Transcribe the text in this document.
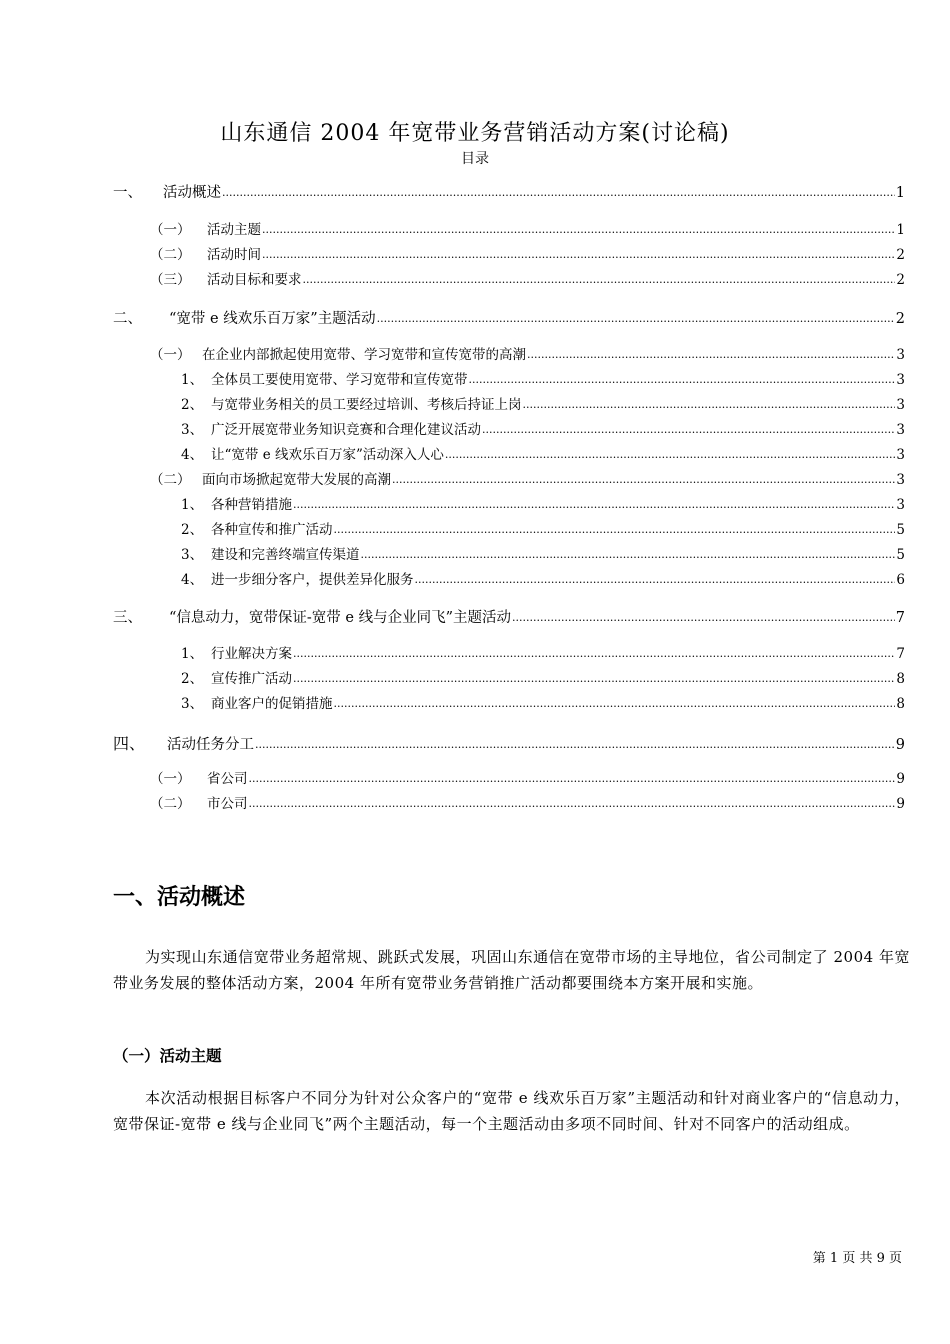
山东通信 2004 年宽带业务营销活动方案(讨论稿)
目录
一、	活动概述 .....	1
（一）	活动主题 .....	1
（二）	活动时间 .....	2
（三）	活动目标和要求 .....	2
二、	“宽带 e 线欢乐百万家”主题活动 .....	2
（一） 在企业内部掀起使用宽带、学习宽带和宣传宽带的高潮 .....	3
1、 全体员工要使用宽带、学习宽带和宣传宽带 .....	3
2、 与宽带业务相关的员工要经过培训、考核后持证上岗 .....	3
3、 广泛开展宽带业务知识竞赛和合理化建议活动 .....	3
4、 让“宽带 e 线欢乐百万家”活动深入人心 .....	3
（二） 面向市场掀起宽带大发展的高潮 .....	3
1、 各种营销措施 .....	3
2、 各种宣传和推广活动 .....	5
3、 建设和完善终端宣传渠道 .....	5
4、 进一步细分客户，提供差异化服务 .....	6
三、	“信息动力，宽带保证-宽带 e 线与企业同飞”主题活动 .....	7
1、 行业解决方案 .....	7
2、 宣传推广活动 .....	8
3、 商业客户的促销措施 .....	8
四、	活动任务分工 .....	9
（一）	省公司 .....	9
（二）	市公司 .....	9
一、活动概述
为实现山东通信宽带业务超常规、跳跃式发展，巩固山东通信在宽带市场的主导地位，省公司制定了 2004 年宽带业务发展的整体活动方案，2004 年所有宽带业务营销推广活动都要围绕本方案开展和实施。
（一）活动主题
本次活动根据目标客户不同分为针对公众客户的“宽带 e 线欢乐百万家”主题活动和针对商业客户的“信息动力，宽带保证-宽带 e 线与企业同飞”两个主题活动，每一个主题活动由多项不同时间、针对不同客户的活动组成。
第 1 页 共 9 页
